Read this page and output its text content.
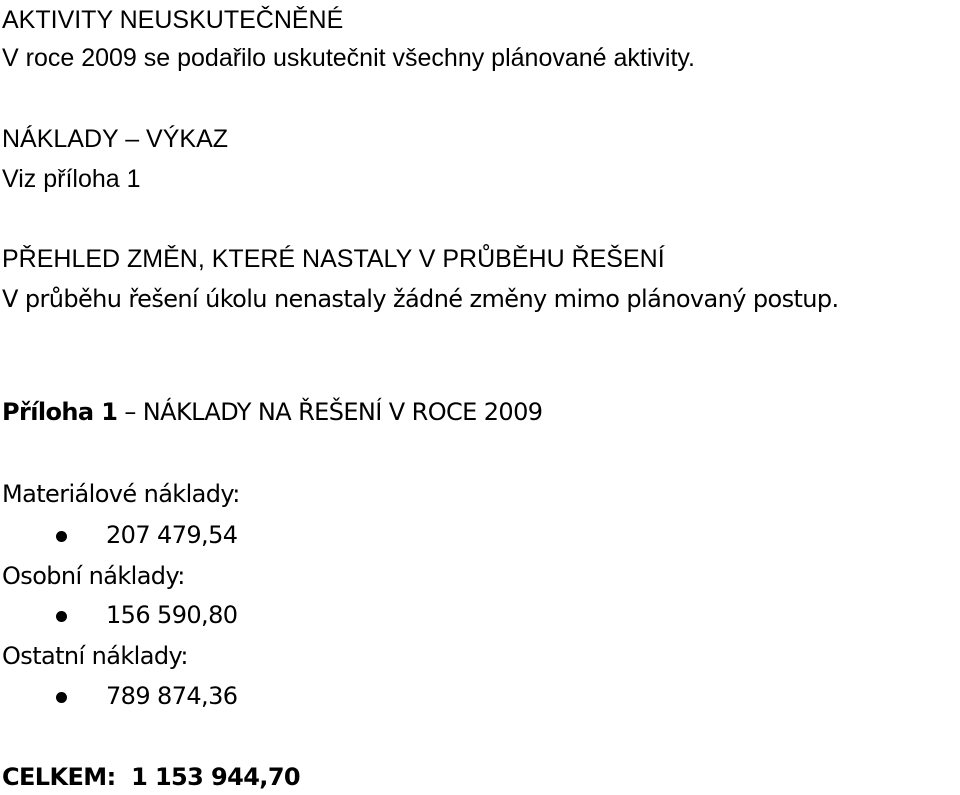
AKTIVITY NEUSKUTEČNĚNÉ
V roce 2009 se podařilo uskutečnit všechny plánované aktivity.
NÁKLADY – VÝKAZ
Viz příloha 1
PŘEHLED ZMĚN, KTERÉ NASTALY V PRŮBĚHU ŘEŠENÍ
V průběhu řešení úkolu nenastaly žádné změny mimo plánovaný postup.
Příloha 1 – NÁKLADY NA ŘEŠENÍ V ROCE 2009
Materiálové náklady:
207 479,54
Osobní náklady:
156 590,80
Ostatní náklady:
789 874,36
CELKEM: 1 153 944,70
